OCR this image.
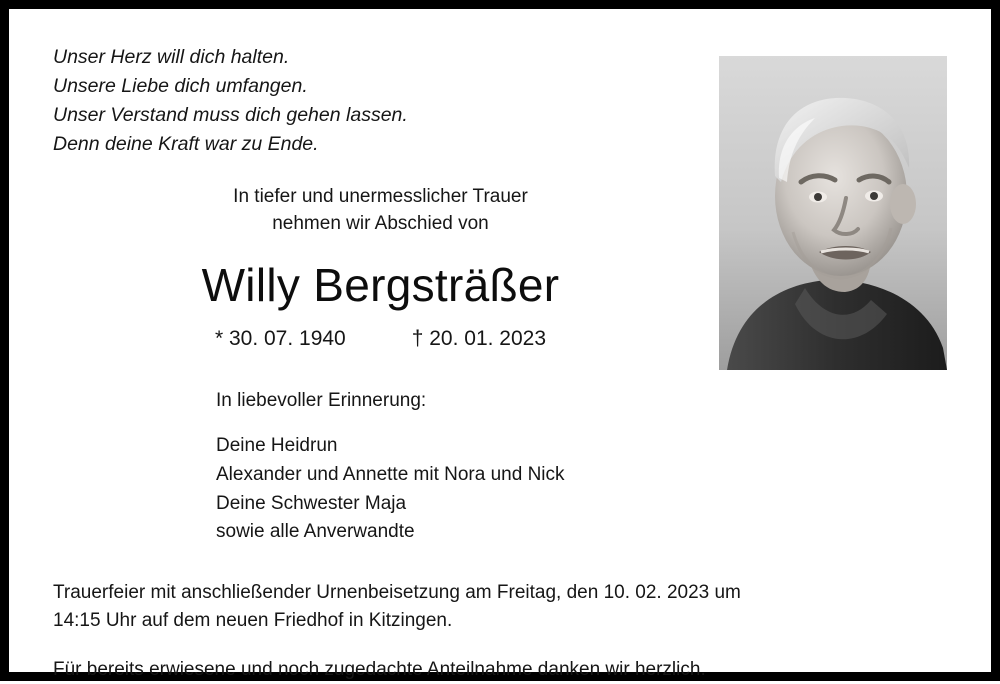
Unser Herz will dich halten.
Unsere Liebe dich umfangen.
Unser Verstand muss dich gehen lassen.
Denn deine Kraft war zu Ende.
In tiefer und unermesslicher Trauer
nehmen wir Abschied von
Willy Bergsträßer
* 30. 07. 1940	† 20. 01. 2023
In liebevoller Erinnerung:
Deine Heidrun
Alexander und Annette mit Nora und Nick
Deine Schwester Maja
sowie alle Anverwandte
Trauerfeier mit anschließender Urnenbeisetzung am Freitag, den 10. 02. 2023 um
14:15 Uhr auf dem neuen Friedhof in Kitzingen.
Für bereits erwiesene und noch zugedachte Anteilnahme danken wir herzlich.
